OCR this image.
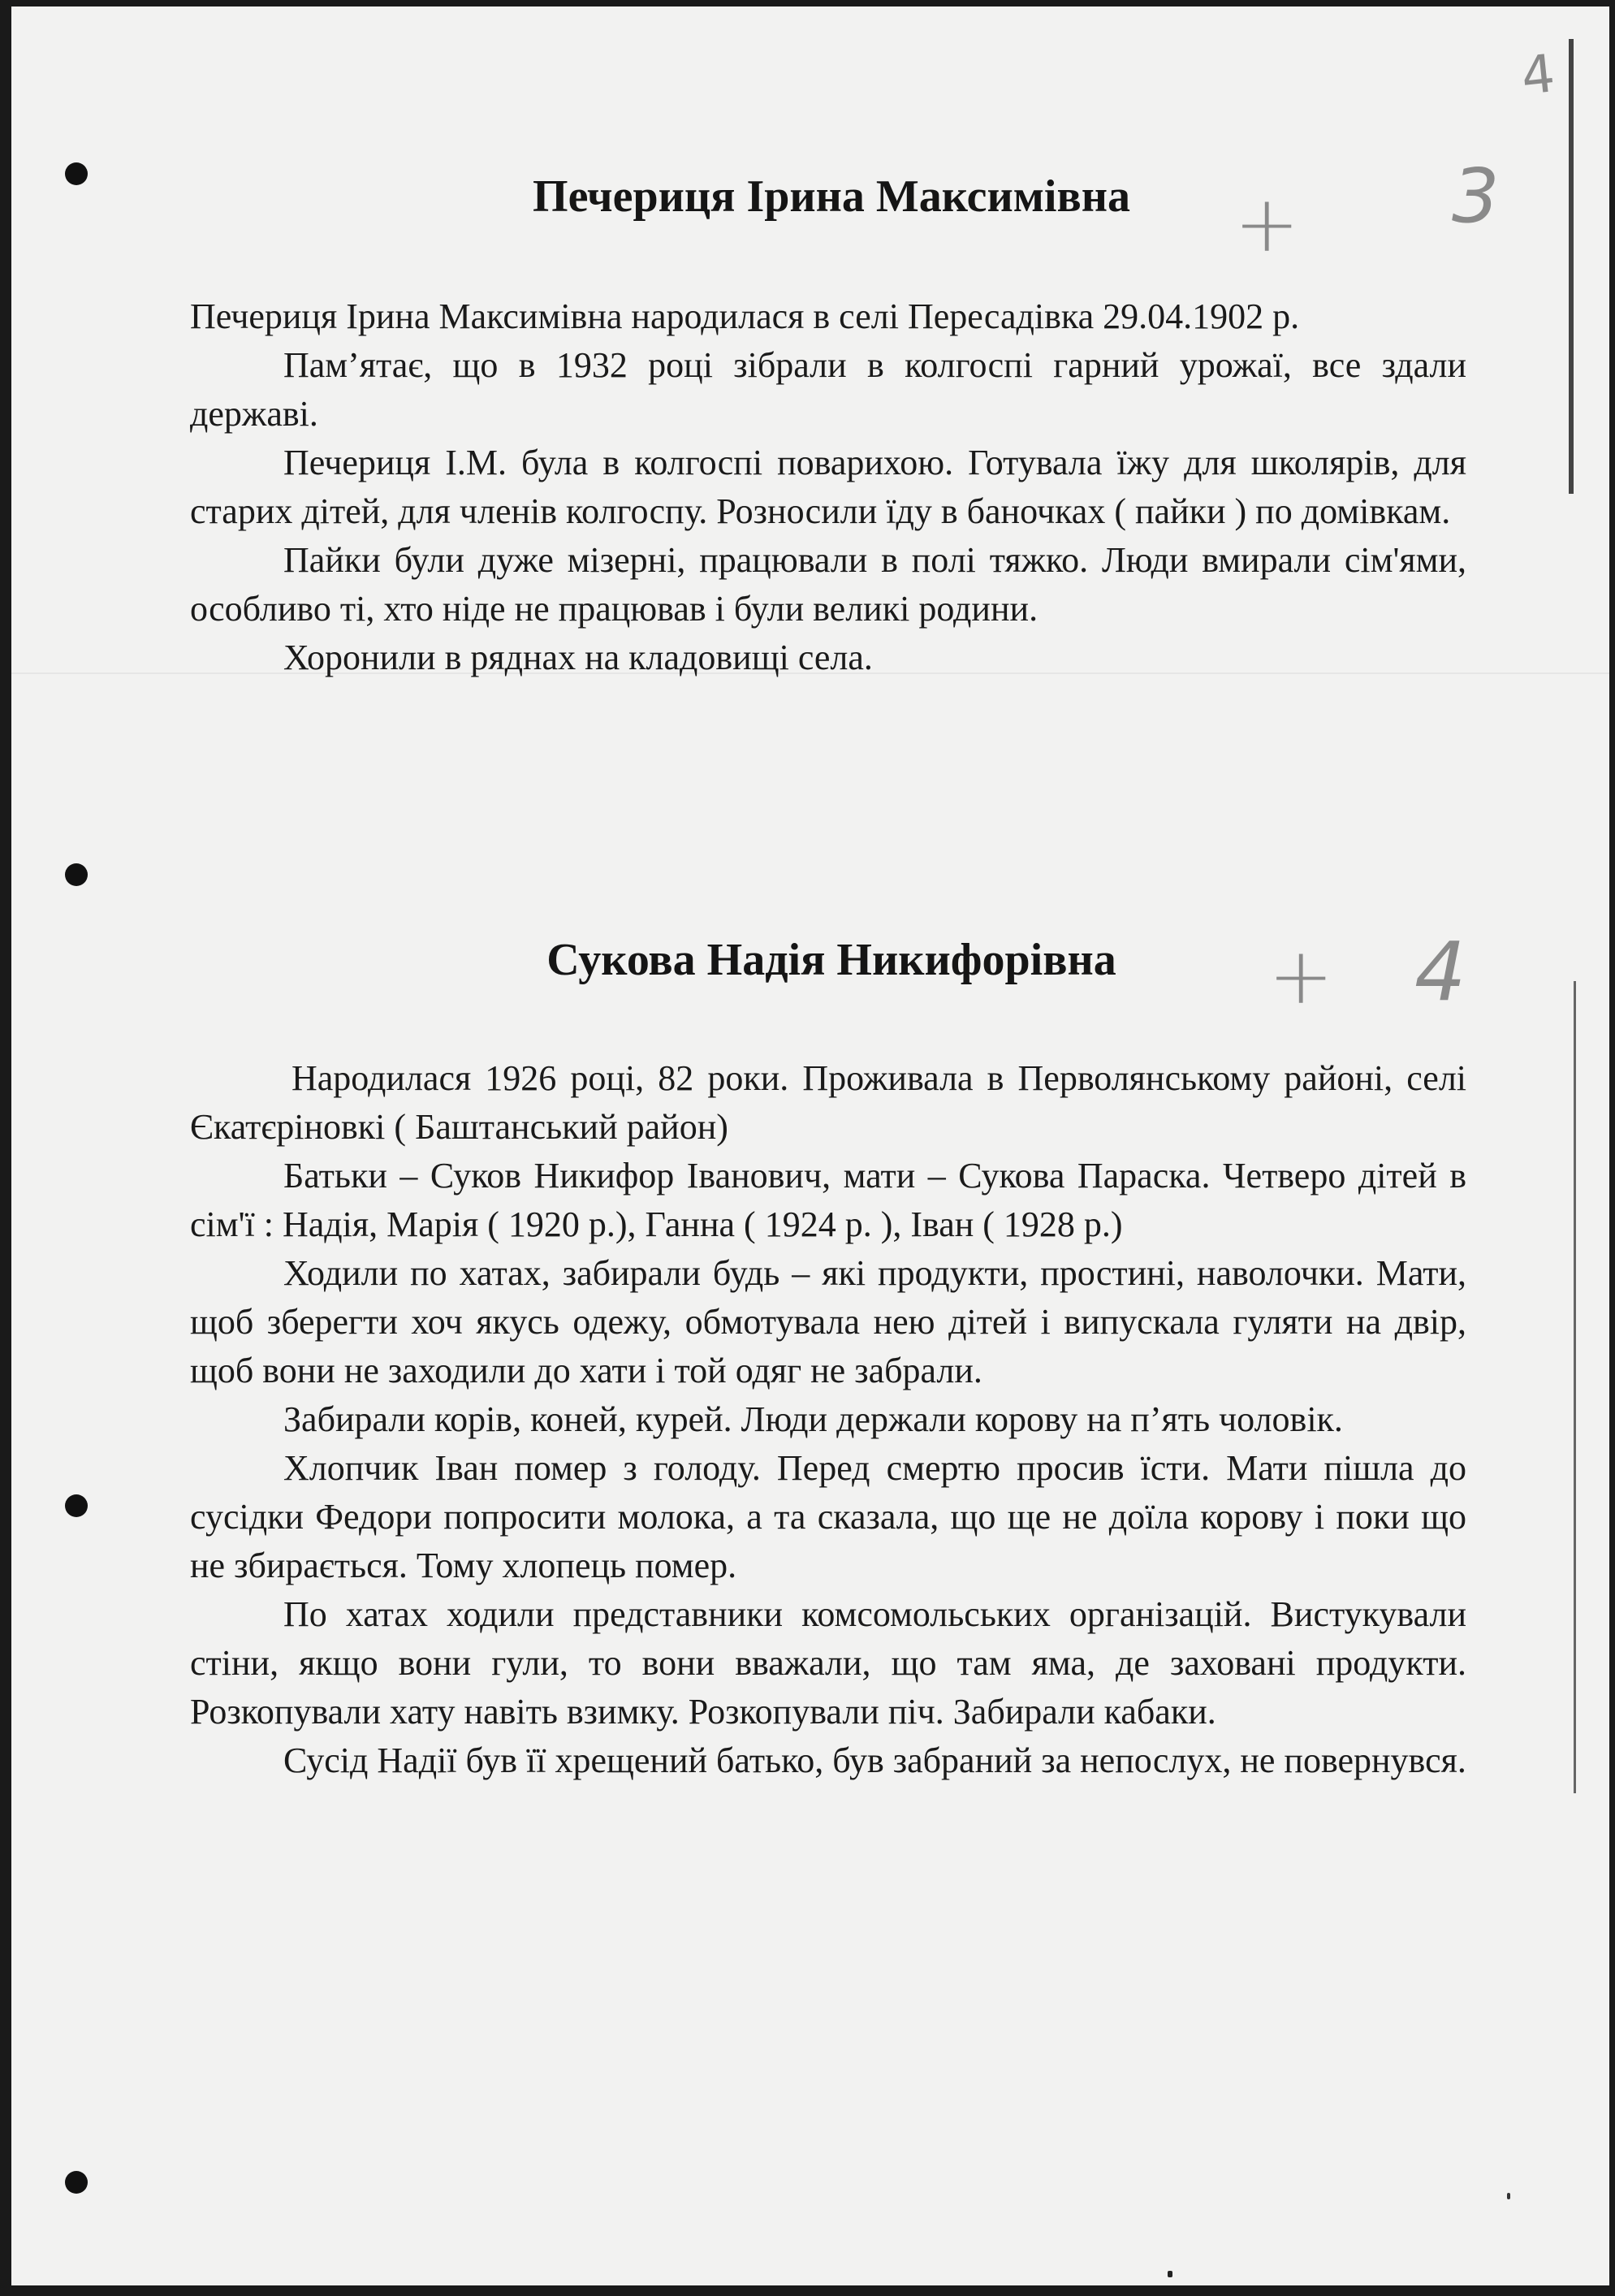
4
Печериця Ірина Максимівна	+ 3

Печериця Ірина Максимівна народилася в селі Пересадівка 29.04.1902 р.

Пам’ятає, що в 1932 році зібрали в колгоспі гарний урожаї, все здали державі.

Печериця І.М. була в колгоспі поварихою. Готувала їжу для школярів, для старих дітей, для членів колгоспу. Розносили їду в баночках ( пайки ) по домівкам.

Пайки були дуже мізерні, працювали в полі тяжко. Люди вмирали сім'ями, особливо ті, хто ніде не працював і були великі родини.

Хоронили в ряднах на кладовищі села.

Сукова Надія Никифорівна	+ 4

Народилася 1926 році, 82 роки. Проживала в Перволянському районі, селі Єкатєріновкі ( Баштанський район)

Батьки – Суков Никифор Іванович, мати – Сукова Параска. Четверо дітей в сім'ї : Надія, Марія ( 1920 р.), Ганна ( 1924 р. ), Іван ( 1928 р.)

Ходили по хатах, забирали будь – які продукти, простині, наволочки. Мати, щоб зберегти хоч якусь одежу, обмотувала нею дітей і випускала гуляти на двір, щоб вони не заходили до хати і той одяг не забрали.

Забирали корів, коней, курей. Люди держали корову на п’ять чоловік.

Хлопчик Іван помер з голоду. Перед смертю просив їсти. Мати пішла до сусідки Федори попросити молока, а та сказала, що ще не доїла корову і поки що не збирається. Тому хлопець помер.

По хатах ходили представники комсомольських організацій. Вистукували стіни, якщо вони гули, то вони вважали, що там яма, де заховані продукти. Розкопували хату навіть взимку. Розкопували піч. Забирали кабаки.

Сусід Надії був її хрещений батько, був забраний за непослух, не повернувся.
